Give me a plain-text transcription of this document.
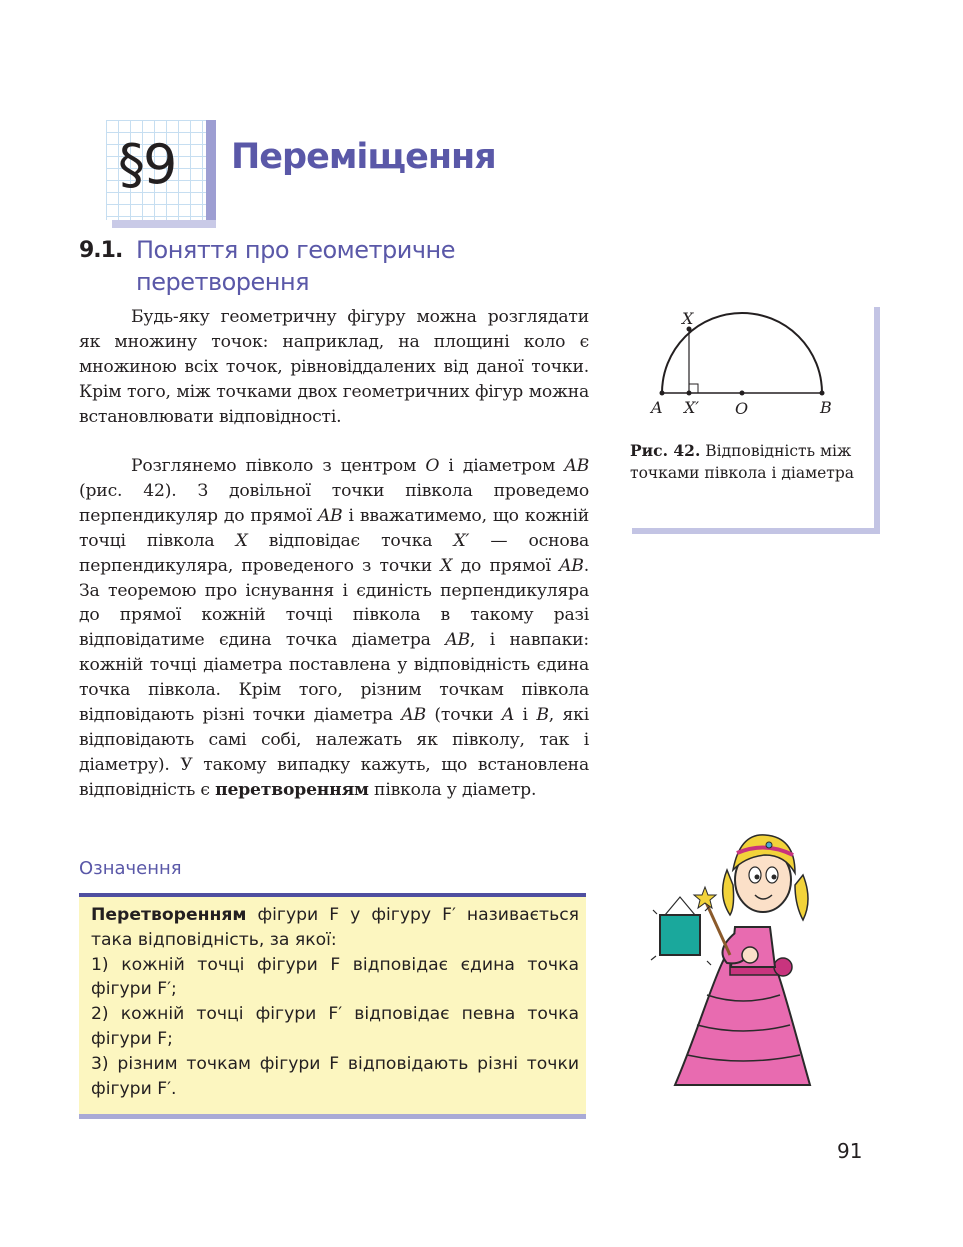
§9 Переміщення
9.1. Поняття про геометричне перетворення
Будь-яку геометричну фігуру можна розглядати як множину точок: наприклад, на площині коло є множиною всіх точок, рівновіддалених від даної точки. Крім того, між точками двох геометричних фігур можна встановлювати відповідності.
Розглянемо півколо з центром O і діаметром AB (рис. 42). З довільної точки півкола проведемо перпендикуляр до прямої AB і вважатимемо, що кожній точці півкола X відповідає точка X′ — основа перпендикуляра, проведеного з точки X до прямої AB. За теоремою про існування і єдиність перпендикуляра до прямої кожній точці півкола в такому разі відповідатиме єдина точка діаметра AB, і навпаки: кожній точці діаметра поставлена у відповідність єдина точка півкола. Крім того, різним точкам півкола відповідають різні точки діаметра AB (точки A і B, які відповідають самі собі, належать як півколу, так і діаметру). У такому випадку кажуть, що встановлена відповідність є перетворенням півкола у діаметр.
Означення
Перетворенням фігури F у фігуру F′ називається така відповідність, за якої:
1) кожній точці фігури F відповідає єдина точка фігури F′;
2) кожній точці фігури F′ відповідає певна точка фігури F;
3) різним точкам фігури F відповідають різні точки фігури F′.
X
A X′ O	B
Рис. 42. Відповідність між точками півкола і діаметра
91
